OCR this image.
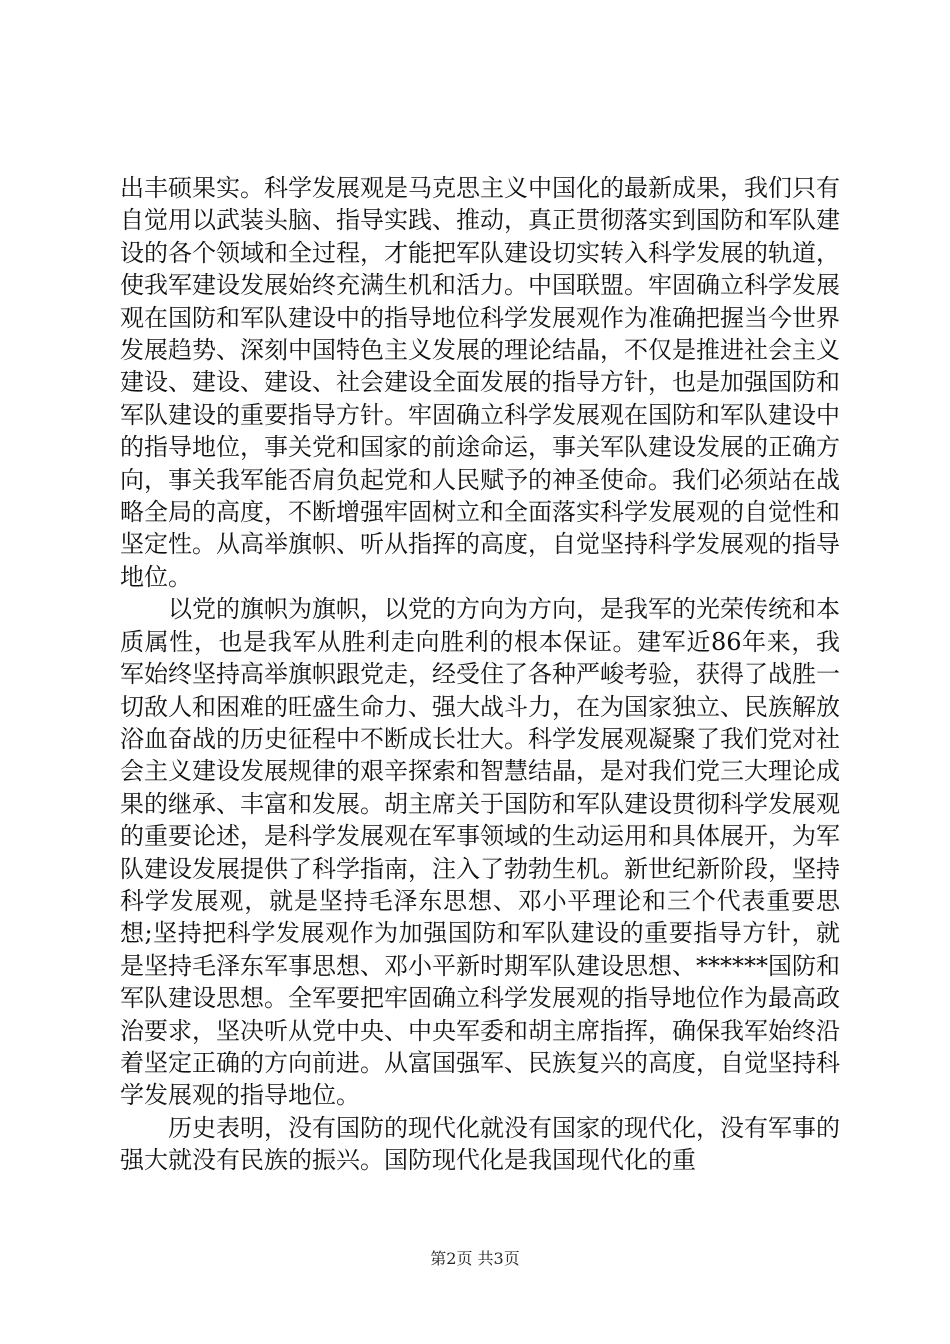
出丰硕果实。科学发展观是马克思主义中国化的最新成果，我们只有自觉用以武装头脑、指导实践、推动，真正贯彻落实到国防和军队建设的各个领域和全过程，才能把军队建设切实转入科学发展的轨道，使我军建设发展始终充满生机和活力。中国联盟。牢固确立科学发展观在国防和军队建设中的指导地位科学发展观作为准确把握当今世界发展趋势、深刻中国特色主义发展的理论结晶，不仅是推进社会主义建设、建设、建设、社会建设全面发展的指导方针，也是加强国防和军队建设的重要指导方针。牢固确立科学发展观在国防和军队建设中的指导地位，事关党和国家的前途命运，事关军队建设发展的正确方向，事关我军能否肩负起党和人民赋予的神圣使命。我们必须站在战略全局的高度，不断增强牢固树立和全面落实科学发展观的自觉性和坚定性。从高举旗帜、听从指挥的高度，自觉坚持科学发展观的指导地位。

以党的旗帜为旗帜，以党的方向为方向，是我军的光荣传统和本质属性，也是我军从胜利走向胜利的根本保证。建军近86年来，我军始终坚持高举旗帜跟党走，经受住了各种严峻考验，获得了战胜一切敌人和困难的旺盛生命力、强大战斗力，在为国家独立、民族解放浴血奋战的历史征程中不断成长壮大。科学发展观凝聚了我们党对社会主义建设发展规律的艰辛探索和智慧结晶，是对我们党三大理论成果的继承、丰富和发展。胡主席关于国防和军队建设贯彻科学发展观的重要论述，是科学发展观在军事领域的生动运用和具体展开，为军队建设发展提供了科学指南，注入了勃勃生机。新世纪新阶段，坚持科学发展观，就是坚持毛泽东思想、邓小平理论和三个代表重要思想;坚持把科学发展观作为加强国防和军队建设的重要指导方针，就是坚持毛泽东军事思想、邓小平新时期军队建设思想、******国防和军队建设思想。全军要把牢固确立科学发展观的指导地位作为最高政治要求，坚决听从党中央、中央军委和胡主席指挥，确保我军始终沿着坚定正确的方向前进。从富国强军、民族复兴的高度，自觉坚持科学发展观的指导地位。

历史表明，没有国防的现代化就没有国家的现代化，没有军事的强大就没有民族的振兴。国防现代化是我国现代化的重

第2页 共3页
